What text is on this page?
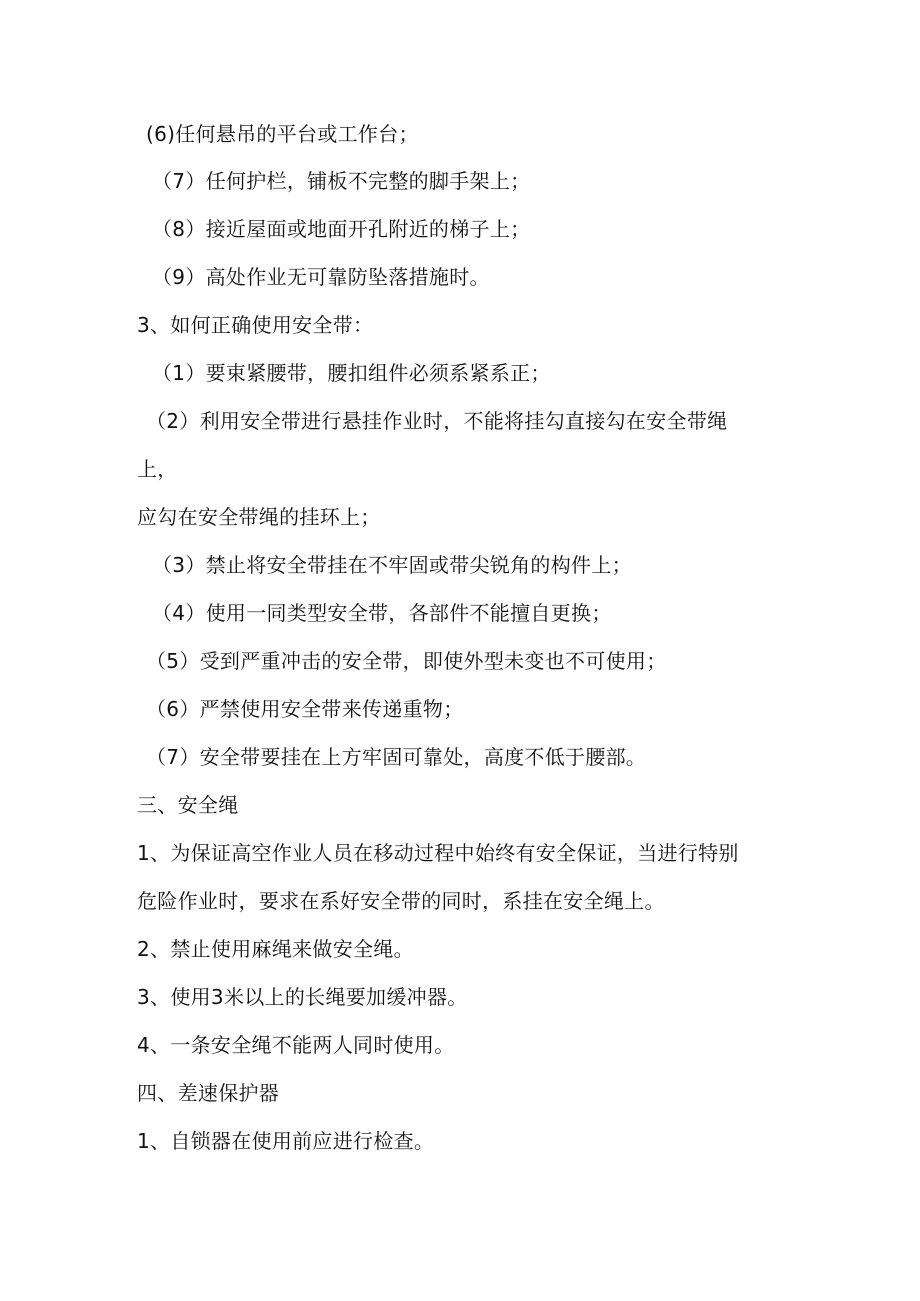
(6)任何悬吊的平台或工作台；
（7）任何护栏，铺板不完整的脚手架上；
（8）接近屋面或地面开孔附近的梯子上；
（9）高处作业无可靠防坠落措施时。
3、如何正确使用安全带：
（1）要束紧腰带，腰扣组件必须系紧系正；
（2）利用安全带进行悬挂作业时，不能将挂勾直接勾在安全带绳
上，
应勾在安全带绳的挂环上；
（3）禁止将安全带挂在不牢固或带尖锐角的构件上；
（4）使用一同类型安全带，各部件不能擅自更换；
（5）受到严重冲击的安全带，即使外型未变也不可使用；
（6）严禁使用安全带来传递重物；
（7）安全带要挂在上方牢固可靠处，高度不低于腰部。
三、安全绳
1、为保证高空作业人员在移动过程中始终有安全保证，当进行特别
危险作业时，要求在系好安全带的同时，系挂在安全绳上。
2、禁止使用麻绳来做安全绳。
3、使用3米以上的长绳要加缓冲器。
4、一条安全绳不能两人同时使用。
四、差速保护器
1、自锁器在使用前应进行检查。
